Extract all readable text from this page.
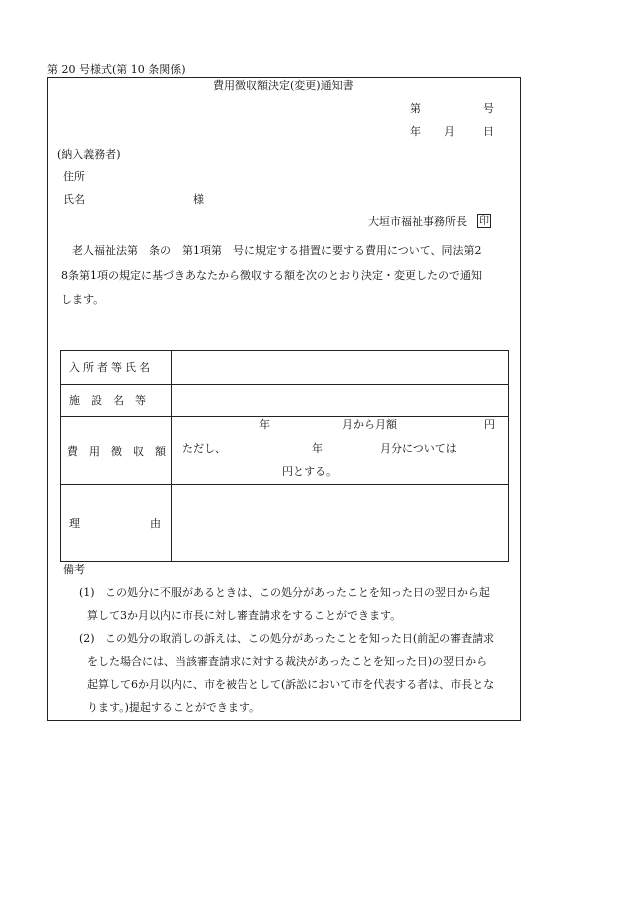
第 20 号様式(第 10 条関係)
費用徴収額決定(変更)通知書
第	号
年 月	日
(納入義務者)
住所
氏名	様
大垣市福祉事務所長 印
　老人福祉法第　条の　第1項第　号に規定する措置に要する費用について、同法第2
8条第1項の規定に基づきあなたから徴収する額を次のとおり決定・変更したので通知
します。
入所者等氏名
施　設　名　等
費　用　徴　収　額
年	月から月額	円
ただし、	年	月分については
円とする。
理	由
備考
(1) この処分に不服があるときは、この処分があったことを知った日の翌日から起
算して3か月以内に市長に対し審査請求をすることができます。
(2) この処分の取消しの訴えは、この処分があったことを知った日(前記の審査請求
をした場合には、当該審査請求に対する裁決があったことを知った日)の翌日から
起算して6か月以内に、市を被告として(訴訟において市を代表する者は、市長とな
ります。)提起することができます。
